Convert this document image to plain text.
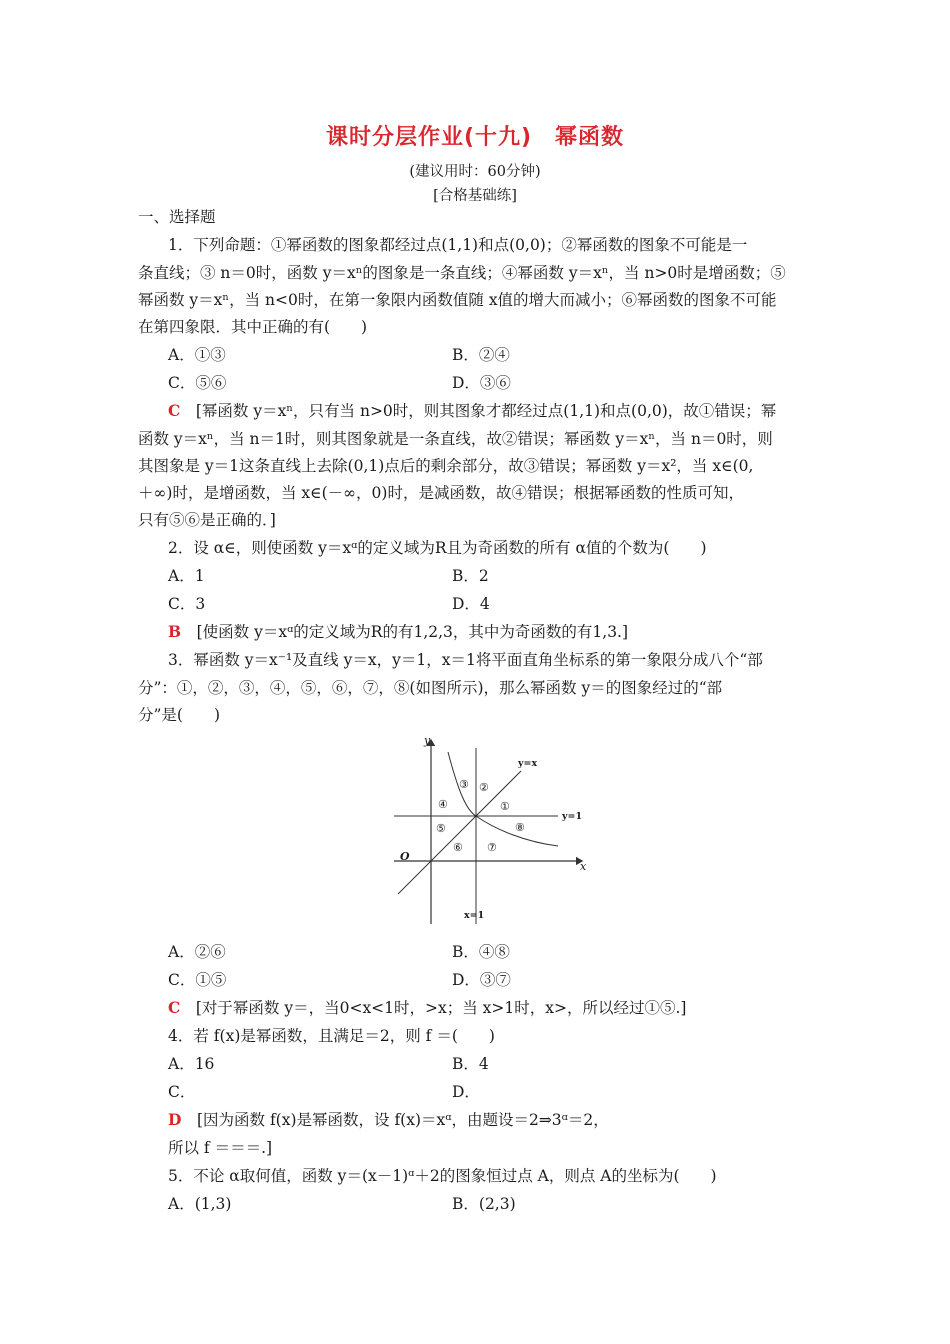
课时分层作业(十九)　幂函数
(建议用时：60分钟)
[合格基础练]
一、选择题
1．下列命题：①幂函数的图象都经过点(1,1)和点(0,0)；②幂函数的图象不可能是一
条直线；③ n＝0时，函数 y＝xⁿ的图象是一条直线；④幂函数 y＝xⁿ，当 n>0时是增函数；⑤
幂函数 y＝xⁿ，当 n<0时，在第一象限内函数值随 x值的增大而减小；⑥幂函数的图象不可能
在第四象限．其中正确的有(　　)
A．①③	B．②④
C．⑤⑥	D．③⑥
C　 [幂函数 y＝xⁿ，只有当 n>0时，则其图象才都经过点(1,1)和点(0,0)，故①错误；幂
函数 y＝xⁿ，当 n＝1时，则其图象就是一条直线，故②错误；幂函数 y＝xⁿ，当 n＝0时，则
其图象是 y＝1这条直线上去除(0,1)点后的剩余部分，故③错误；幂函数 y＝x²，当 x∈(0,
＋∞)时，是增函数，当 x∈(－∞，0)时，是减函数，故④错误；根据幂函数的性质可知，
只有⑤⑥是正确的．]
2．设 α∈，则使函数 y＝xᵅ的定义域为R且为奇函数的所有 α值的个数为(　　)
A．1	B．2
C．3	D．4
B　 [使函数 y＝xᵅ的定义域为R的有1,2,3，其中为奇函数的有1,3.]
3．幂函数 y＝x⁻¹及直线 y＝x，y＝1，x＝1将平面直角坐标系的第一象限分成八个“部
分”：①，②，③，④，⑤，⑥，⑦，⑧(如图所示)，那么幂函数 y＝的图象经过的“部
分”是(　　)
y
x
O
y=x
y=1
x=1
③ ②
④	①
⑤	⑧
⑥ ⑦
A．②⑥	B．④⑧
C．①⑤	D．③⑦
C　 [对于幂函数 y＝，当0<x<1时，>x；当 x>1时，x>，所以经过①⑤.]
4．若 f(x)是幂函数，且满足＝2，则 f ＝(　　)
A．16	B．4
C．	D．
D　 [因为函数 f(x)是幂函数，设 f(x)＝xᵅ，由题设＝2⇒3ᵅ＝2，
所以 f ＝＝＝.]
5．不论 α取何值，函数 y＝(x－1)ᵅ＋2的图象恒过点 A，则点 A的坐标为(　　)
A．(1,3)	B．(2,3)
